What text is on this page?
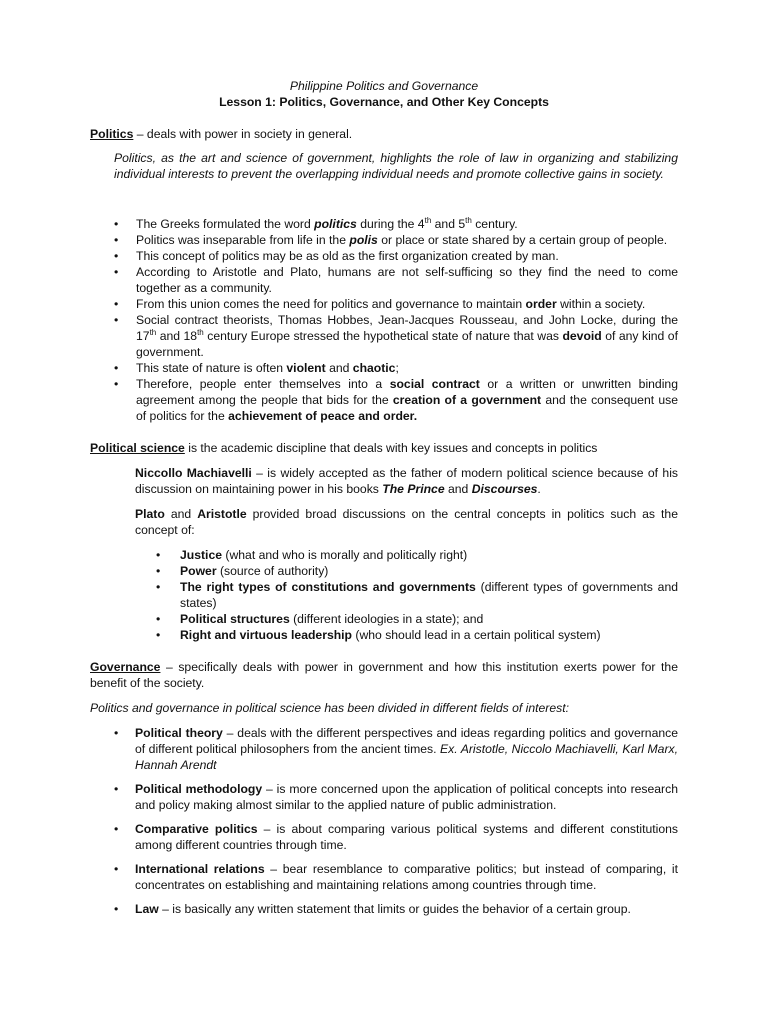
Philippine Politics and Governance

Lesson 1: Politics, Governance, and Other Key Concepts

Politics – deals with power in society in general.

Politics, as the art and science of government, highlights the role of law in organizing and stabilizing individual interests to prevent the overlapping individual needs and promote collective gains in society.

• The Greeks formulated the word politics during the 4th and 5th century.
• Politics was inseparable from life in the polis or place or state shared by a certain group of people.
• This concept of politics may be as old as the first organization created by man.
• According to Aristotle and Plato, humans are not self-sufficing so they find the need to come together as a community.
• From this union comes the need for politics and governance to maintain order within a society.
• Social contract theorists, Thomas Hobbes, Jean-Jacques Rousseau, and John Locke, during the 17th and 18th century Europe stressed the hypothetical state of nature that was devoid of any kind of government.
• This state of nature is often violent and chaotic;
• Therefore, people enter themselves into a social contract or a written or unwritten binding agreement among the people that bids for the creation of a government and the consequent use of politics for the achievement of peace and order.

Political science is the academic discipline that deals with key issues and concepts in politics

Niccollo Machiavelli – is widely accepted as the father of modern political science because of his discussion on maintaining power in his books The Prince and Discourses.

Plato and Aristotle provided broad discussions on the central concepts in politics such as the concept of:

• Justice (what and who is morally and politically right)
• Power (source of authority)
• The right types of constitutions and governments (different types of governments and states)
• Political structures (different ideologies in a state); and
• Right and virtuous leadership (who should lead in a certain political system)

Governance – specifically deals with power in government and how this institution exerts power for the benefit of the society.

Politics and governance in political science has been divided in different fields of interest:

• Political theory – deals with the different perspectives and ideas regarding politics and governance of different political philosophers from the ancient times. Ex. Aristotle, Niccolo Machiavelli, Karl Marx, Hannah Arendt
• Political methodology – is more concerned upon the application of political concepts into research and policy making almost similar to the applied nature of public administration.
• Comparative politics – is about comparing various political systems and different constitutions among different countries through time.
• International relations – bear resemblance to comparative politics; but instead of comparing, it concentrates on establishing and maintaining relations among countries through time.
• Law – is basically any written statement that limits or guides the behavior of a certain group.
